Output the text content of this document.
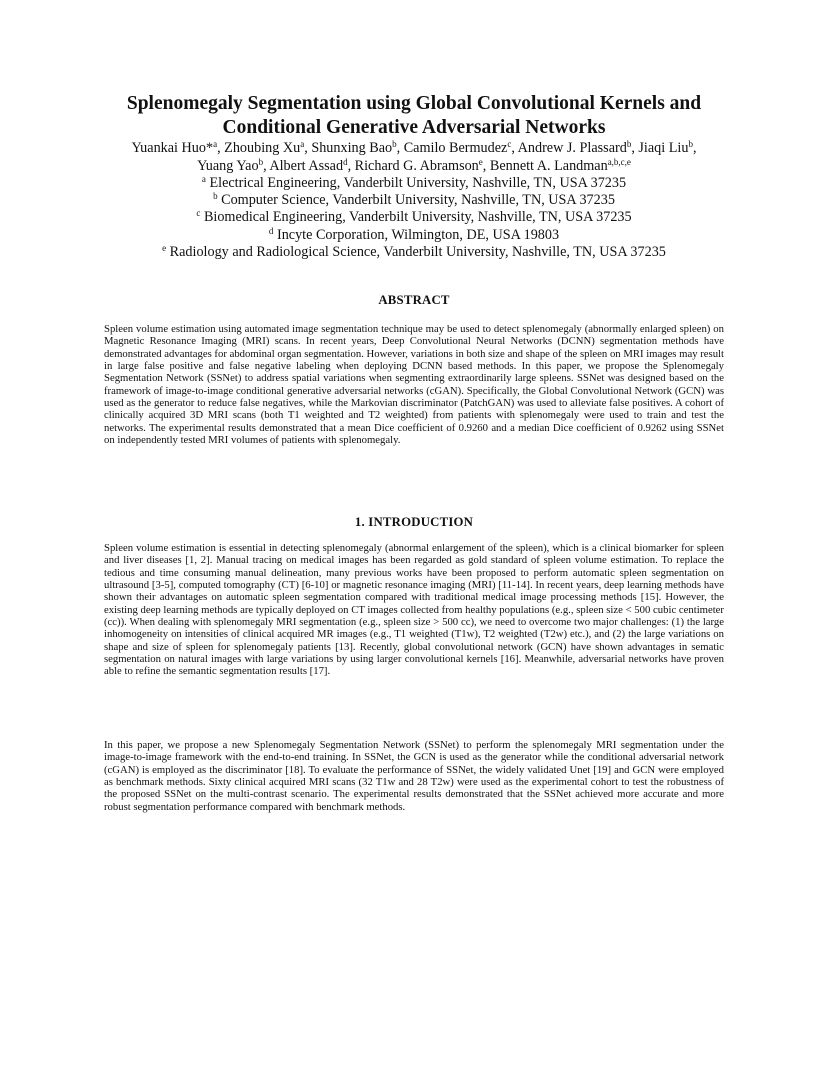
Splenomegaly Segmentation using Global Convolutional Kernels and
Conditional Generative Adversarial Networks
Yuankai Huo*$^a$, Zhoubing Xu$^a$, Shunxing Bao$^b$, Camilo Bermudez$^c$, Andrew J. Plassard$^b$, Jiaqi Liu$^b$,
Yuang Yao$^b$, Albert Assad$^d$, Richard G. Abramson$^e$, Bennett A. Landman$^{a,b,c,e}$
$^a$ Electrical Engineering, Vanderbilt University, Nashville, TN, USA 37235
$^b$ Computer Science, Vanderbilt University, Nashville, TN, USA 37235
$^c$ Biomedical Engineering, Vanderbilt University, Nashville, TN, USA 37235
$^d$ Incyte Corporation, Wilmington, DE, USA 19803
$^e$ Radiology and Radiological Science, Vanderbilt University, Nashville, TN, USA 37235
ABSTRACT

Spleen volume estimation using automated image segmentation technique may be used to detect splenomegaly (abnormally enlarged spleen) on Magnetic Resonance Imaging (MRI) scans. In recent years, Deep Convolutional Neural Networks (DCNN) segmentation methods have demonstrated advantages for abdominal organ segmentation. However, variations in both size and shape of the spleen on MRI images may result in large false positive and false negative labeling when deploying DCNN based methods. In this paper, we propose the Splenomegaly Segmentation Network (SSNet) to address spatial variations when segmenting extraordinarily large spleens. SSNet was designed based on the framework of image-to-image conditional generative adversarial networks (cGAN). Specifically, the Global Convolutional Network (GCN) was used as the generator to reduce false negatives, while the Markovian discriminator (PatchGAN) was used to alleviate false positives. A cohort of clinically acquired 3D MRI scans (both T1 weighted and T2 weighted) from patients with splenomegaly were used to train and test the networks. The experimental results demonstrated that a mean Dice coefficient of 0.9260 and a median Dice coefficient of 0.9262 using SSNet on independently tested MRI volumes of patients with splenomegaly.

1. INTRODUCTION

Spleen volume estimation is essential in detecting splenomegaly (abnormal enlargement of the spleen), which is a clinical biomarker for spleen and liver diseases [1, 2]. Manual tracing on medical images has been regarded as gold standard of spleen volume estimation. To replace the tedious and time consuming manual delineation, many previous works have been proposed to perform automatic spleen segmentation on ultrasound [3-5], computed tomography (CT) [6-10] or magnetic resonance imaging (MRI) [11-14]. In recent years, deep learning methods have shown their advantages on automatic spleen segmentation compared with traditional medical image processing methods [15]. However, the existing deep learning methods are typically deployed on CT images collected from healthy populations (e.g., spleen size < 500 cubic centimeter (cc)). When dealing with splenomegaly MRI segmentation (e.g., spleen size > 500 cc), we need to overcome two major challenges: (1) the large inhomogeneity on intensities of clinical acquired MR images (e.g., T1 weighted (T1w), T2 weighted (T2w) etc.), and (2) the large variations on shape and size of spleen for splenomegaly patients [13]. Recently, global convolutional network (GCN) have shown advantages in sematic segmentation on natural images with large variations by using larger convolutional kernels [16]. Meanwhile, adversarial networks have proven able to refine the semantic segmentation results [17].

In this paper, we propose a new Splenomegaly Segmentation Network (SSNet) to perform the splenomegaly MRI segmentation under the image-to-image framework with the end-to-end training. In SSNet, the GCN is used as the generator while the conditional adversarial network (cGAN) is employed as the discriminator [18]. To evaluate the performance of SSNet, the widely validated Unet [19] and GCN were employed as benchmark methods. Sixty clinical acquired MRI scans (32 T1w and 28 T2w) were used as the experimental cohort to test the robustness of the proposed SSNet on the multi-contrast scenario. The experimental results demonstrated that the SSNet achieved more accurate and more robust segmentation performance compared with benchmark methods.
